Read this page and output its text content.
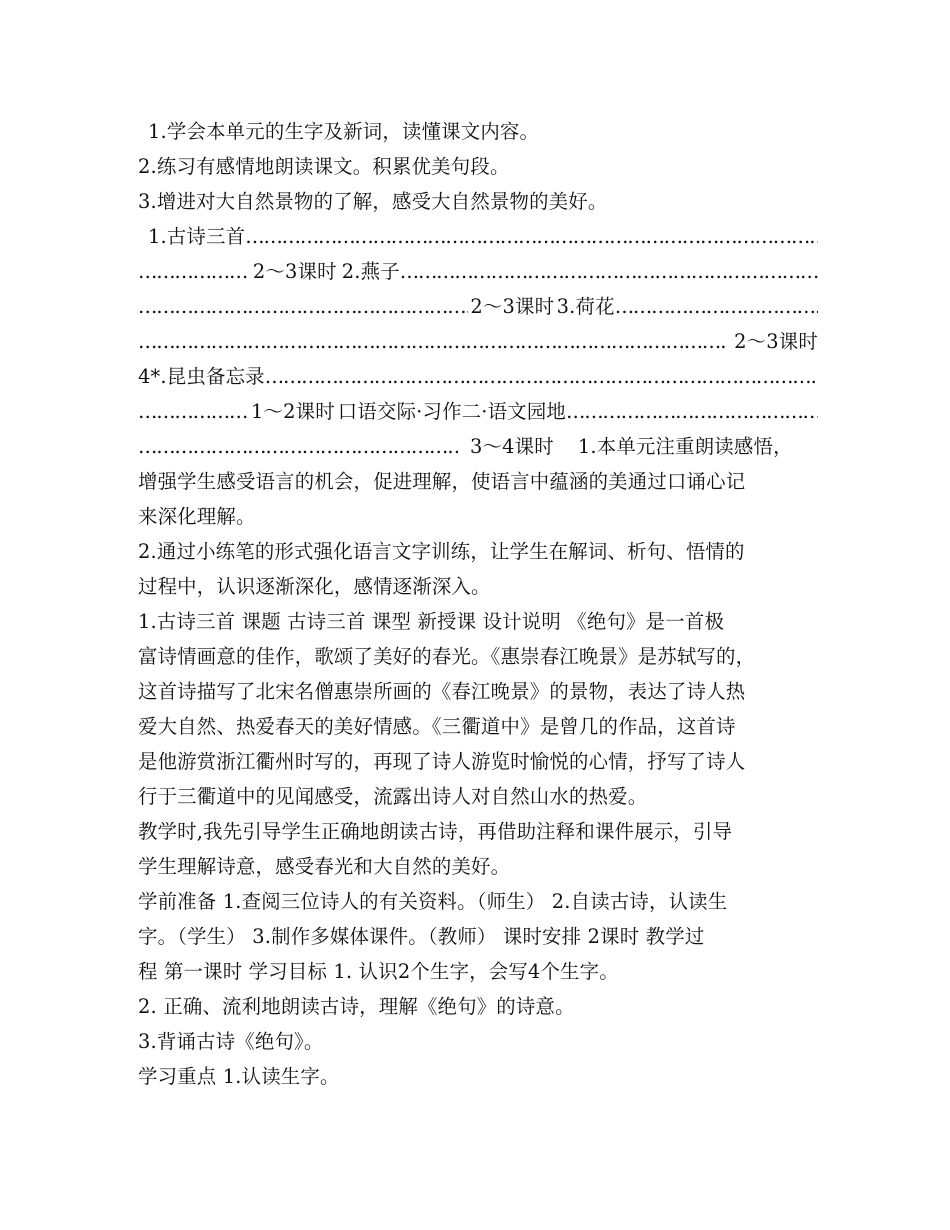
1.学会本单元的生字及新词，读懂课文内容。
2.练习有感情地朗读课文。积累优美句段。
3.增进对大自然景物的了解，感受大自然景物的美好。
1.古诗三首
……………………………………………………………………………………………………………………………………………………
……………………………………………………………………………………………………………………………………………………
2～3课时 2.燕子
……………………………………………………………………………………………………………………………………………………
……………………………………………………………………………………………………………………………………………………
2～3课时 3.荷花
……………………………………………………………………………………………………………………………………………………
……………………………………………………………………………………………………………………………………………………
2～3课时
4*.昆虫备忘录
……………………………………………………………………………………………………………………………………………………
……………………………………………………………………………………………………………………………………………………
1～2课时 口语交际·习作二·语文园地
……………………………………………………………………………………………………………………………………………………
……………………………………………………………………………………………………………………………………………………
3～4课时 1.本单元注重朗读感悟，
增强学生感受语言的机会，促进理解，使语言中蕴涵的美通过口诵心记
来深化理解。
2.通过小练笔的形式强化语言文字训练，让学生在解词、析句、悟情的
过程中，认识逐渐深化，感情逐渐深入。
1.古诗三首 课题 古诗三首 课型 新授课 设计说明 《绝句》是一首极
富诗情画意的佳作，歌颂了美好的春光。《惠崇春江晚景》是苏轼写的，
这首诗描写了北宋名僧惠崇所画的《春江晚景》的景物，表达了诗人热
爱大自然、热爱春天的美好情感。《三衢道中》是曾几的作品，这首诗
是他游赏浙江衢州时写的，再现了诗人游览时愉悦的心情，抒写了诗人
行于三衢道中的见闻感受，流露出诗人对自然山水的热爱。
教学时,我先引导学生正确地朗读古诗，再借助注释和课件展示，引导
学生理解诗意，感受春光和大自然的美好。
学前准备 1.查阅三位诗人的有关资料。（师生） 2.自读古诗，认读生
字。（学生） 3.制作多媒体课件。（教师） 课时安排 2课时 教学过
程 第一课时 学习目标 1. 认识2个生字，会写4个生字。
2. 正确、流利地朗读古诗，理解《绝句》的诗意。
3.背诵古诗《绝句》。
学习重点 1.认读生字。
